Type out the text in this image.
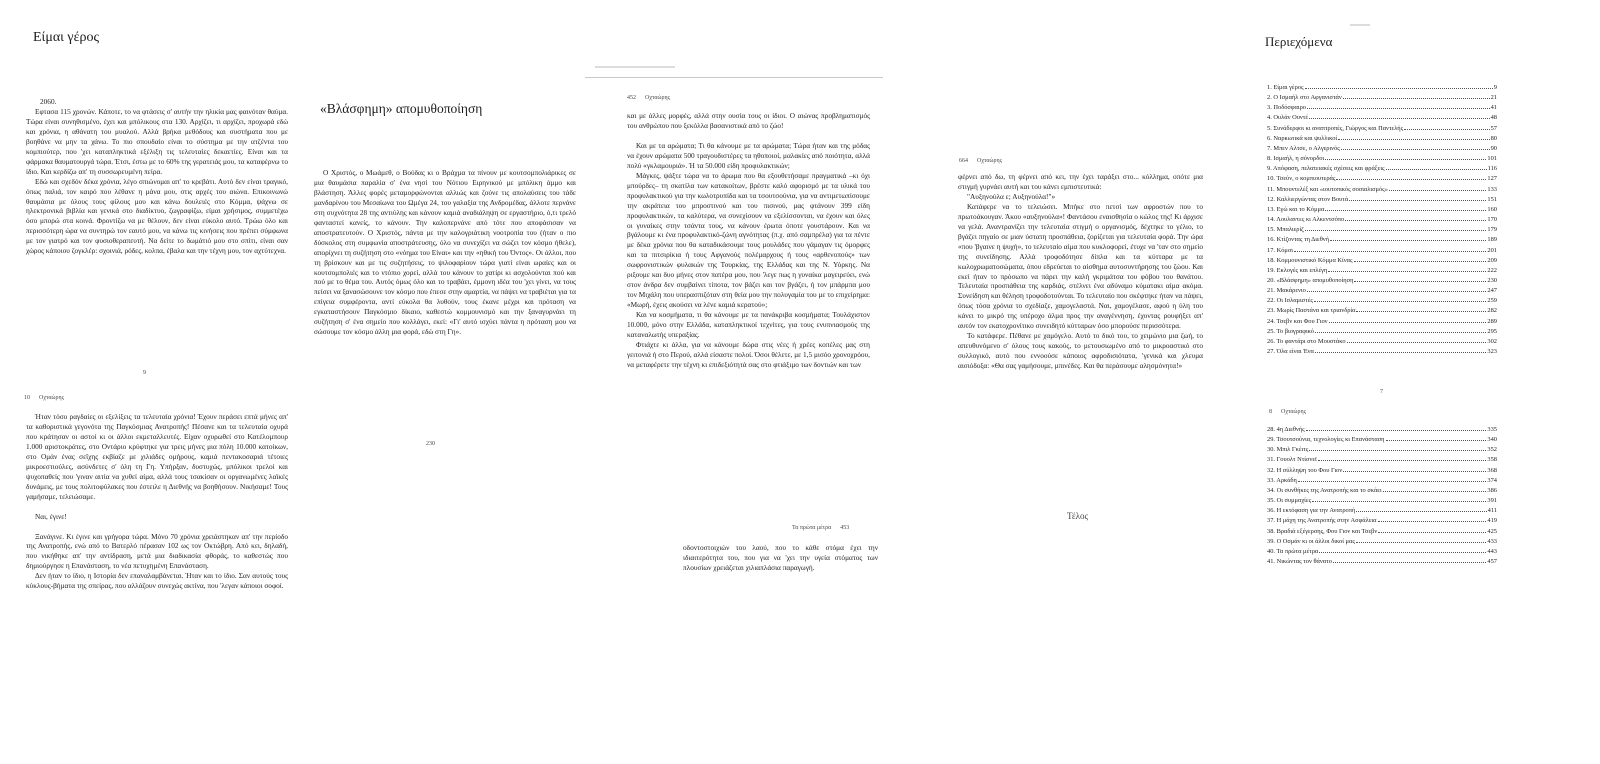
Είμαι γέρος

2060.

Εφτασα 115 χρονών. Κάποτε, το να φτάσεις σ' αυτήν την ηλικία μας φαινόταν θαύμα. Τώρα είναι συνηθισμένο, έχει και μπόλικους στα 130. Αρχίζει, τι αρχίζει, προχωρά εδώ και χρόνια, η αθάνατη του μυαλού. Αλλά βρήκα μεθόδους και συστήματα που με βοηθάνε να μην τα χάνω. Το πιο σπουδαίο είναι το σύστημα με την ατζέντα του κομπιούτερ, που 'χει καταπληκτικά εξέλιξη τις τελευταίες δεκαετίες. Είναι και τα φάρμακα θαυματουργά τώρα. Έτσι, έστω με το 60% της γερατειάς μου, τα καταφέρνω το ίδιο. Και κερδίζω απ' τη συσσωρευμένη πείρα.

Εδώ και σχεδόν δέκα χρόνια, λέγο σπιώνομαι απ' το κρεβάτι. Αυτό δεν είναι τραγικό, όπως παλιά, τον καιρό που λέθανε η μάνα μου, στις αρχές του αιώνα. Επικοινωνώ θαυμάσια με όλους τους φίλους μου και κάνω δουλειές στο Κόμμα, ψάχνω σε ηλεκτρονικά βιβλία και γενικά στο διαδίκτυο, ζωγραφίζω, είμαι χρήσιμος, συμμετέχω όσο μπορώ στα κοινά. Φροντίζω να με θέλουν, δεν είναι εύκολο αυτό. Τρώω όλο και περισσότερη ώρα να συντηρώ τον εαυτό μου, να κάνω τις κινήσεις που πρέπει σύμφωνα με τον γιατρό και τον φυσιοθεραπευτή. Να δείτε το δωμάτιό μου στο σπίτι, είναι σαν χώρος κάποιου ζογκλέρ: σχοινιά, ρόδες, κολπα, έβαλα και την τέχνη μου, τον αχτύτεχνα.

9
10      Οχταώρης

Ήταν τόσο ραγδαίες οι εξελίξεις τα τελευταία χρόνια! Έχουν περάσει επτά μήνες απ' τα καθοριστικά γεγονότα της Παγκόσμιας Ανατροπής! Πέσανε και τα τελευταία οχυρά που κράτησαν οι αστοί κι οι άλλοι εκμεταλλευτές. Είχαν οχυρωθεί στο Κατέλομπουρ 1.000 αριστοκράτες, στο Οντάριο κρύφτηκε για τρεις μήνες μια πόλη 10.000 κατοίκων, στο Ομάν ένας σεΐχης εκβίαζε με χιλιάδες ομήρους, καμιά πεντακοσαριά τέτοιες μικροεστιούλες, ασύνδετες σ' όλη τη Γη. Υπήρξαν, δυστυχώς, μπόλικοι τρελοί και ψυχοπαθείς που 'γιναν αιτία να χυθεί αίμα, αλλά τους τσακίσαν οι οργανωμένες λαϊκές δυνάμεις, με τους πολιτοφύλακες που έστειλε η Διεθνής να βοηθήσουν. Νικήσαμε! Τους γαμήσαμε, τελειώσαμε.

Ναι, έγινε!

Ξανάγινε. Κι έγινε και γρήγορα τώρα. Μόνο 70 χρόνια χρειάστηκαν απ' την περίοδο της Ανατροπής, ενώ από το Βατερλό πέρασαν 102 ως τον Οκτώβρη. Από κει, δηλαδή, που νικήθηκε απ' την αντίδραση, μετά μια διαδικασία φθοράς, το καθεστώς που δημιούργησε η Επανάσταση, το νέα πετυχημένη Επανάσταση.

Δεν ήταν το ίδιο, η Ιστορία δεν επαναλαμβάνεται. Ήταν και το ίδιο. Σαν αυτούς τους κύκλους-βήματα της σπείρας, που αλλάζουν συνεχώς ακτίνα, που 'λεγαν κάποιοι σοφοί.

«Βλάσφημη» απομυθοποίηση

Ο Χριστός, ο Μωάμεθ, ο Βούδας κι ο Βράχμα τα πίνουν με κουτσομπολιάρικες σε μια θαυμάσια παραλία σ' ένα νησί του Νότιου Ειρηνικού με μπόλικη άμμο και βλάστηση. Άλλες φορές μεταμορφώνονται αλλιώς και ζούνε τις απολαύσεις του τάδε μανδαρίνου του Μεσαίωνα του Ωμέγα 24, του γαλαξία της Ανδρομέδας, άλλοτε περνάνε στη συχνότητα 28 της αντιύλης και κάνουν καμιά αναδιάληψη σε εργαστήριο, ό,τι τρελό φανταστεί κανείς, το κάνουν. Την καλοπερνάνε από τότε που αποφάσισαν να αποστρατευτούν. Ο Χριστός, πάντα με την καλογριάτικη νοοτροπία του (ήταν ο πιο δύσκολος στη συμφωνία αποστράτευσης, όλο να συνεχίζει να σώζει τον κόσμο ήθελε), απορίχνει τη συζήτηση στο «νόημα του Είναι» και την «ηθική του Όντος». Οι άλλοι, που τη βρίσκουν και με τις συζητήσεις, το ψιλοφαρίουν τώρα γιατί είναι ωραίες και οι κουτσομπολιές και το ντόπιο χορεί, αλλά του κάνουν το χατίρι κι ασχολούνται πού και πού με το θέμα του. Αυτός όμως όλο και το τραβάει, έμμονη ιδέα του 'χει γίνει, να τους πείσει να ξανασώσουνε τον κόσμο που έπεσε στην αμαρτία, να πάψει να τραβιέται για τα επίγεια συμφέροντα, αντί εύκολα θα λυθούν, τους έκανε μέχρι και πρόταση να εγκαταστήσουν Παγκόσμιο δίκαιο, καθεστώ κομμουνισμό και την ξαναγυρνάει τη συζήτηση σ' ένα σημείο που κολλάγει, εκεί: «Γι' αυτό ισχύει πάντα η πρόταση μου να σώσουμε τον κόσμο άλλη μια φορά, εδώ στη Γη».

230
452      Οχταώρης

και με άλλες μορφές, αλλά στην ουσία τους οι ίδιοι. Ο αιώνας προβληματισμός του ανθρώπου που ξεκόλλα βασανιστικά από το ζώο!

Και με τα αρώματα; Τι θα κάνουμε με τα αρώματα; Τώρα ήταν και της μόδας να έχουν αρώματα 500 τραγουδιστέρες τα ηθοποιοί, μαλακίες από ποιότητα, αλλά πολύ «γκλαμουριά». Ή τα 50.000 είδη προφυλακτικών;

Μάγκες, ψάξτε τώρα να το άρωμα που θα εξουθετήσαμε πραγματικά –κι όχι μπούρδες– τη σκατίλα των κατακοίτων, βρέστε καλό αφορισμό με τα υλικά του προφυλακτικού για την κωλοτρυπίδα και τα τσουτσούνια, για να αντιμετωπίσουμε την ακράτεια του μπροστινού και του πισινού, μας φτάνουν 399 είδη προφυλακτικών, τα καλύτερα, να συνεχίσουν να εξελίσσονται, να έχουν και όλες οι γυναίκες στην τσάντα τους, να κάνουν έρωτα όποτε γουστάρουν. Και να βγάλουμε κι ένα προφυλακτικό-ζώνη αγνότητας (π.χ. από σαμπρέλα) για τα πέντε με δέκα χρόνια που θα καταδικάσουμε τους μουλάδες που γάμαγαν τις όμορφες και τα πιτσιρίκια ή τους Αφγανούς πολέμαρχους ή τους «αρθενοπούς» των σωφρονιστικών φυλακών της Τουρκίας, της Ελλάδας και της Ν. Υόρκης. Να ριξουμε και δυο μήνες στον πατέρα μου, που 'λεγε πως η γυναίκα μαγειρεύει, ενώ στον άνδρα δεν συμβαίνει τίποτα, τον βάζει και τον βγάζει, ή τον μπάρμπα μου τον Μιχάλη που υπερασπιζόταν στη θεία μου την πολυγαμία του με το επιχείρημα: «Μωρή, έχεις ακούσει να λένε καμιά κερατού»;

Και να κοσμήματα, τι θα κάνουμε με τα πανάκριβα κοσμήματα; Τουλάχιστον 10.000, μόνο στην Ελλάδα, καταπληκτικοί τεχνίτες, για τους ενυπνιασμούς της καταναλωτής υπεραξίας.

Φτιάχτε κι άλλα, για να κάνουμε δώρα στις νέες ή χρέες κοπέλες μας στη γειτονιά ή στο Περού, αλλά είσαστε πολοί. Όσοι θέλετε, με 1,5 μισόο χρονοχρόου, να μεταφέρετε την τέχνη κι επιδεξιότητά σας στο φτιάξιμο των δοντιών και των

Τα πρώτα μέτρα      453

οδοντοστοιχιών του λαού, που το κάθε στόμα έχει την ιδιαιτερότητα του, που για να 'χει την υγεία στόματος των πλουσίων χρειάζεται χιλιαπλάσια παραγωγή.

664      Οχταώρης

φέρνει από δω, τη φέρνει από κει, την έχει ταράξει στο... κόλλημα, οπότε μια στιγμή γυρνάει αυτή και του κάνει εμπιστευτικά:

"Αυξηνούλα ε; Αυξηνούλα!"»

Κατάφερε να το τελειώσει. Μπήκε στο πετσί των αφροστών που το πρωτοάκουγαν. Άκου «αυξηνούλα»! Φαντάσου εναισθησία ο κώλος της! Κι άρχισε να γελά. Αναντρανίζει την τελευταία στιγμή ο οργανισμός, δέχτηκε το γέλιο, το βγάζει πηγαίο σε μιαν ύστατη προσπάθεια, ζορίζεται για τελευταία φορά. Την ώρα «που 'βγαινε η ψυχή», το τελευταίο αίμα που κυκλοφορεί, έτυχε να 'ταν στο σημείο της συνείδησης. Αλλά τροφοδότησε δίπλα και τα κύτταρα με τα κωλοχρωματοσώματα, όπου εδρεύεται το αίσθημα αυτοσυντήρησης του ζώου. Και εκεί ήταν το πρόσωπο να πάρει την καλή γκριμάτσα του φόβου του θανάτου. Τελευταία προσπάθεια της καρδιάς, στέλνει ένα αδύναμο κύματακι αίμα ακόμα. Συνείδηση και θέληση τροφοδοτούνται. Το τελευταίο που σκέφτηκε ήταν να πάψει, όπως τόσα χρόνια το σχεδίαζε, χαμογελαστά. Ναι, χαμογέλασε, αφού η ύλη του κάνει το μικρό της υπέροχο άλμα προς την αναγέννηση, έχοντας ρουφήξει απ' αυτόν τον εκατοχρονίτικο συνειδητό κύτταρων όσο μπορούσε περισσότερα.

Το κατάφερε. Πέθανε με χαμόγελο. Αυτό το δικό του, το χειμώνιο μια ζωή, το απευθυνόμενο σ' όλους τους κακούς, το μετουσιωμένο από το μικροαστικό στο συλλογικό, αυτό που εννοούσε κάποιος αφροδισιότατα, 'γενικά και χλευμα αισιόδοξα: «Θα σας γαμήσουμε, μπινέδες. Και θα περάσουμε αλησμόνητα!»

Τέλος
Περιεχόμενα
1. Είμαι γέρος	9
2. Ο Ισμαήλ στο Αφγανιστάν	21
3. Ποδόσφαιρο	41
4. Ουλάν Ουντέ	48
5. Συνάδερφοι κι αναπτροπές, Γιώργος και Παντελής	57
6. Ναρκωτικά και ψυλλικοί	80
7. Μπεν Αλτσε, ο Αλγερινός	90
8. Ισμαήλ, η σύνορδοι	101
9. Απόφαση, πελατειακές σχέσεις και φράξεις	116
10. Τσεύν, ο κομπιουτεράς	127
11. Μπουντελέξ και «ιουτοπικός σοσιαλισμός»	133
12. Καλλιεργώντας στον Βουτά	151
13. Εγώ και το Κόμμα	160
14. Λουλαντες κι Αλκεντσόπο	170
15. Μπαλιερίζ	179
16. Κτίζοντας τη Διεθνή	189
17. Κόμσι	201
18. Κομμουνιστικό Κόμμα Κίνας	209
19. Εκλογές και επλέγη	222
20. «Βλάσφημη» απομυθοποίηση	230
21. Μακάρενιο	247
22. Οι Ισλαμιστές	259
23. Μωρίς Παστάνα και τριανδρία	282
24. Τσεβν και Φου Γιον	289
25. Το βιογραφικό	295
26. Το φαντάρι στο Μουστάκο	302
27. Όλα είναι Ένα	323
7
8      Οχταώρης
28. 4η Διεθνής	335
29. Τσουτσούνια, τεχνολογίες κι Επανάσταση	340
30. Μπιλ Γκέιτς	352
31. Γουολτ Ντίσνεϊ	358
32. Η σύλληψη του Φου Γιον	368
33. Αρκάδη	374
34. Οι συνθήκες της Ανατροπής και το σκάει	386
35. Οι συμμαχίες	391
36. Η εκτόφαση για την Ανατροπή	411
37. Η μάχη της Ανατροπής στην Ασφάλεια	419
38. Βραδιά εξέγερσης, Φου Γιον και Τσεβν	425
39. Ο Οσμάν κι οι άλλοι δικοί μας	433
40. Τα πρώτα μέτρα	443
41. Νικώντας τον θάνατο	457
